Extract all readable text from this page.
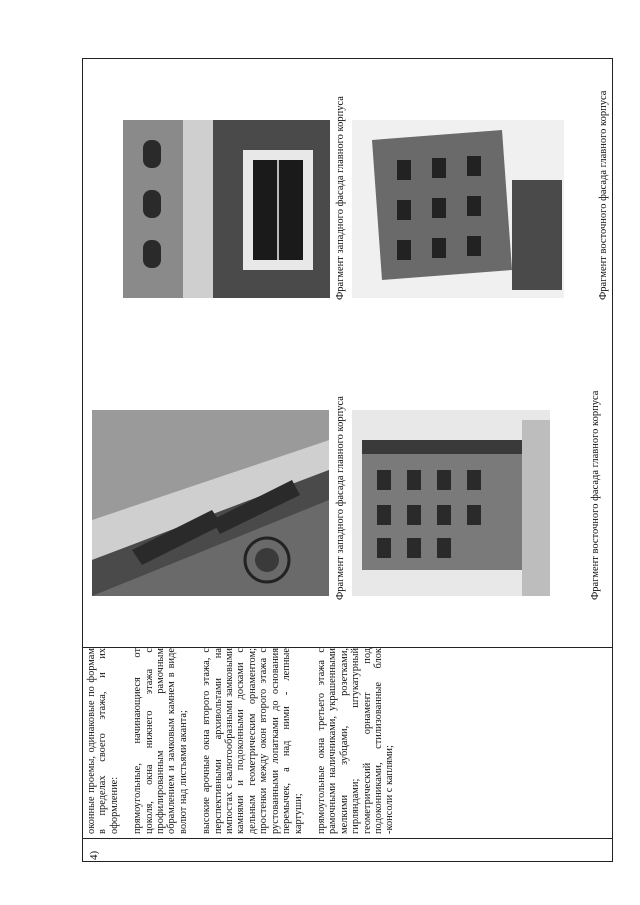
4)

оконные проемы, одинаковые по формам в пределах своего этажа, и их оформление: прямоугольные, начинающиеся от цоколя, окна нижнего этажа с профилированным рамочным обрамлением и замковым камнем в виде волют над листьями аканта; высокие арочные окна второго этажа, с перспективными архивольтами на импостах с валютообразными замковыми камнями и подоконными досками с дельным геометрическим орнаментом; простенки между окон второго этажа с рустованными лопатками до основания перемычек, а над ними - лепные картуши; прямоугольные окна третьего этажа с рамочными наличниками, украшенными мелкими зубцами, розетками, гирляндами; штукатурный геометрический орнамент под подоконниками, стилизованные блок -консоли с каплями;

Фрагмент западного фасада главного корпуса	Фрагмент восточного фасада главного корпуса
Фрагмент западного фасада главного корпуса	Фрагмент восточного фасада главного корпуса
